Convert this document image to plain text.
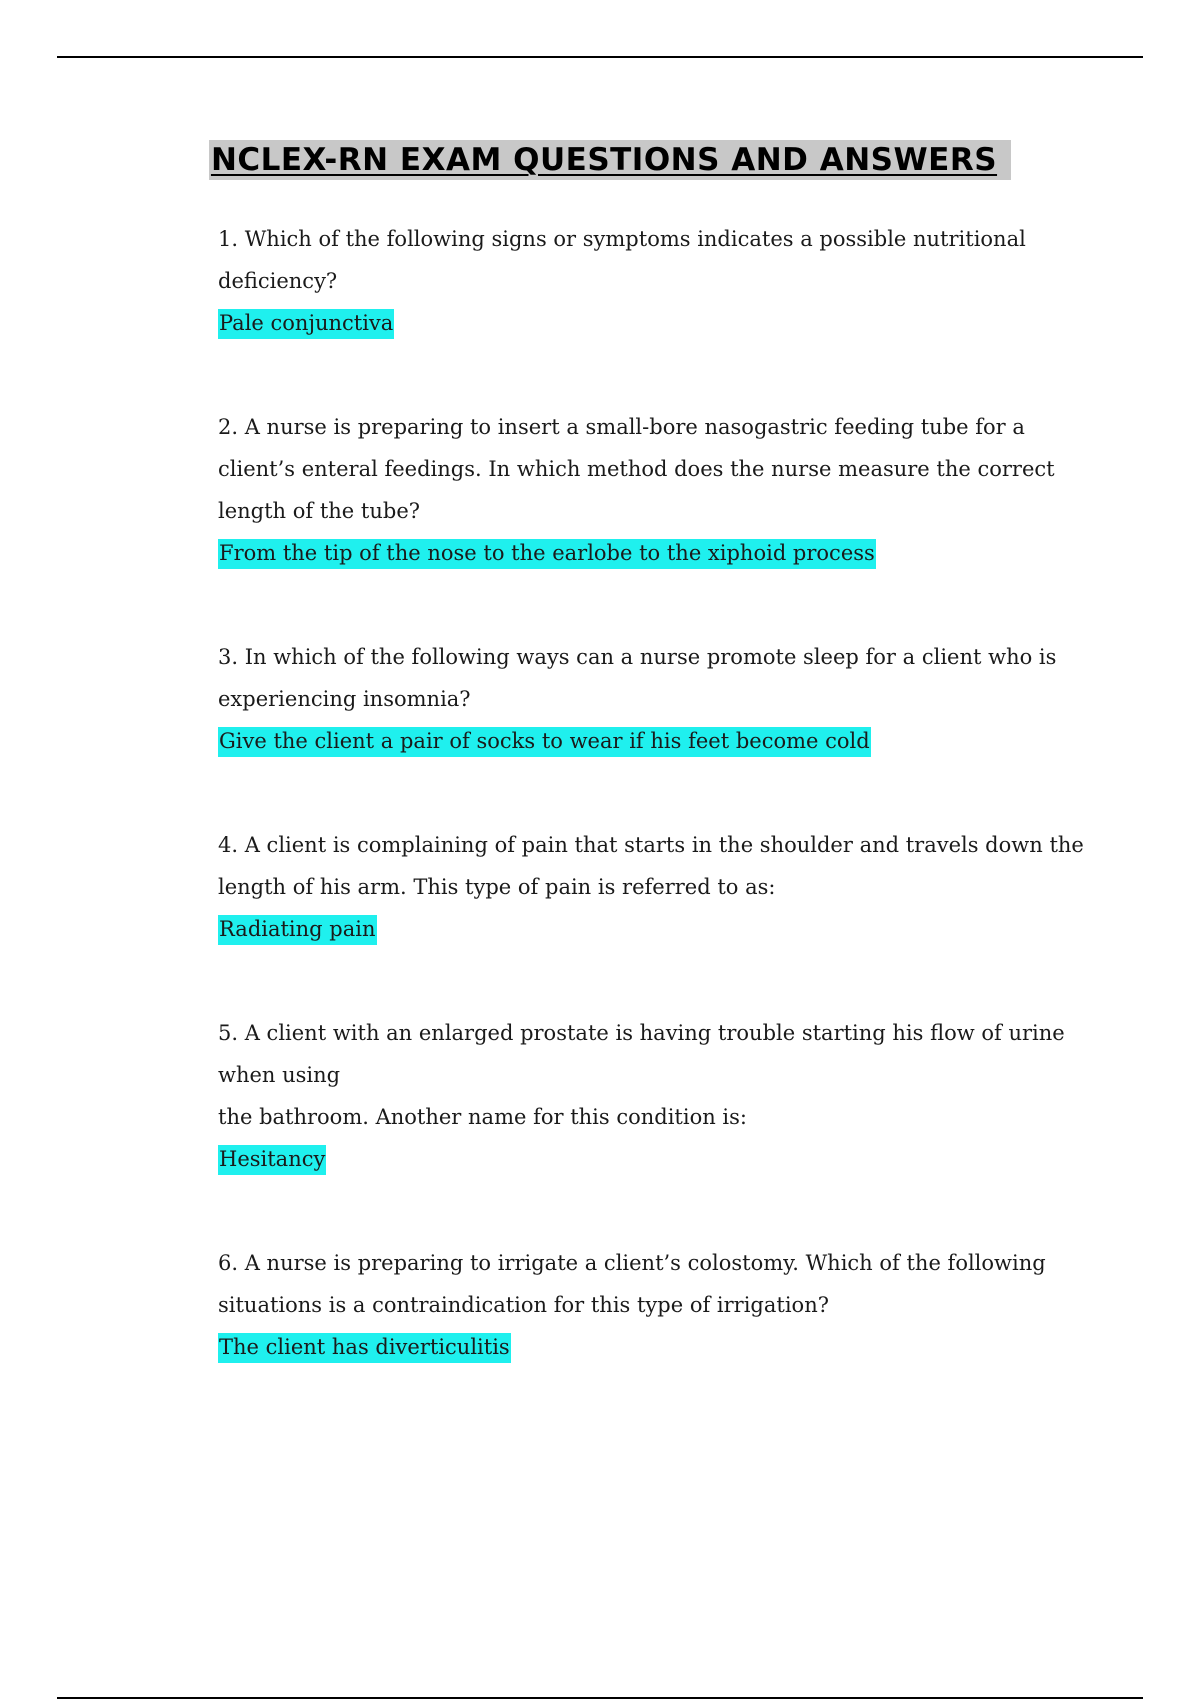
NCLEX-RN EXAM QUESTIONS AND ANSWERS

1. Which of the following signs or symptoms indicates a possible nutritional deficiency?

Pale conjunctiva

2. A nurse is preparing to insert a small-bore nasogastric feeding tube for a client’s enteral feedings. In which method does the nurse measure the correct length of the tube?

From the tip of the nose to the earlobe to the xiphoid process

3. In which of the following ways can a nurse promote sleep for a client who is experiencing insomnia?

Give the client a pair of socks to wear if his feet become cold

4. A client is complaining of pain that starts in the shoulder and travels down the length of his arm. This type of pain is referred to as:

Radiating pain

5. A client with an enlarged prostate is having trouble starting his flow of urine when using

the bathroom. Another name for this condition is:

Hesitancy

6. A nurse is preparing to irrigate a client’s colostomy. Which of the following situations is a contraindication for this type of irrigation?

The client has diverticulitis
